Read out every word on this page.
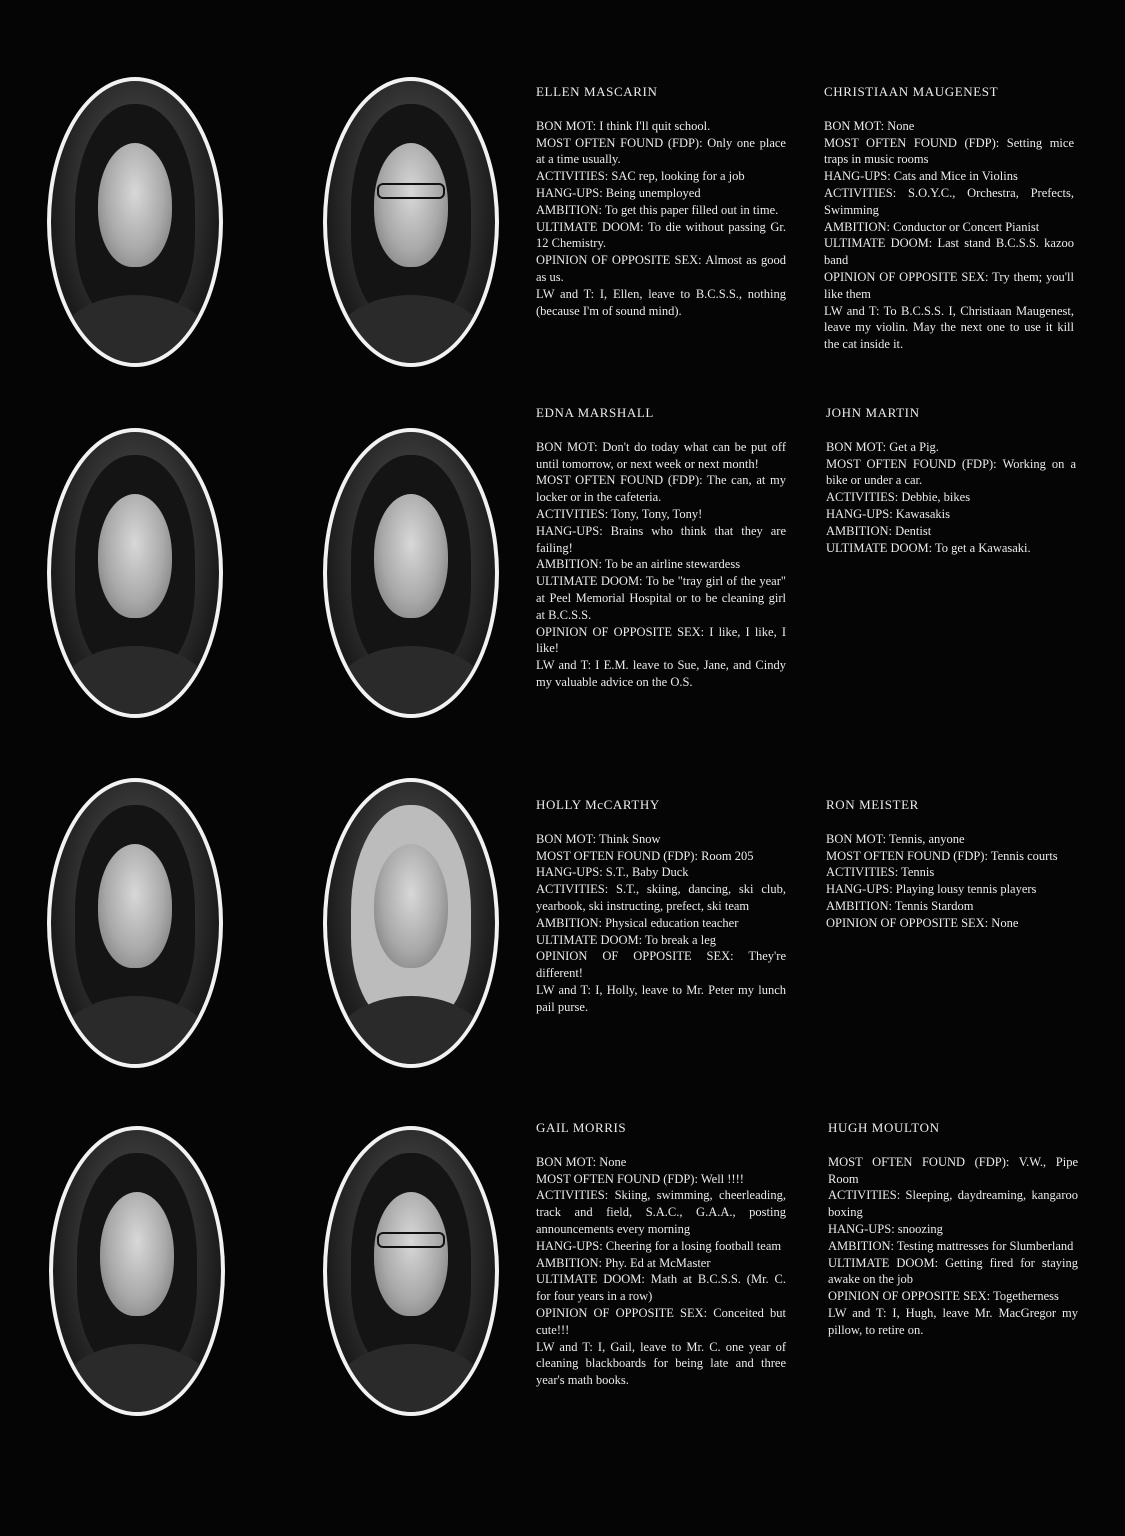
ELLEN MASCARIN

BON MOT: I think I'll quit school.

MOST OFTEN FOUND (FDP): Only one place at a time usually.

ACTIVITIES: SAC rep, looking for a job

HANG-UPS: Being unemployed

AMBITION: To get this paper filled out in time.

ULTIMATE DOOM: To die without passing Gr. 12 Chemistry.

OPINION OF OPPOSITE SEX: Almost as good as us.

LW and T: I, Ellen, leave to B.C.S.S., nothing (because I'm of sound mind).

CHRISTIAAN MAUGENEST

BON MOT: None

MOST OFTEN FOUND (FDP): Setting mice traps in music rooms

HANG-UPS: Cats and Mice in Violins

ACTIVITIES: S.O.Y.C., Orchestra, Prefects, Swimming

AMBITION: Conductor or Concert Pianist

ULTIMATE DOOM: Last stand B.C.S.S. kazoo band

OPINION OF OPPOSITE SEX: Try them; you'll like them

LW and T: To B.C.S.S. I, Christiaan Maugenest, leave my violin. May the next one to use it kill the cat inside it.

EDNA MARSHALL

BON MOT: Don't do today what can be put off until tomorrow, or next week or next month!

MOST OFTEN FOUND (FDP): The can, at my locker or in the cafeteria.

ACTIVITIES: Tony, Tony, Tony!

HANG-UPS: Brains who think that they are failing!

AMBITION: To be an airline stewardess

ULTIMATE DOOM: To be "tray girl of the year" at Peel Memorial Hospital or to be cleaning girl at B.C.S.S.

OPINION OF OPPOSITE SEX: I like, I like, I like!

LW and T: I E.M. leave to Sue, Jane, and Cindy my valuable advice on the O.S.

JOHN MARTIN

BON MOT: Get a Pig.

MOST OFTEN FOUND (FDP): Working on a bike or under a car.

ACTIVITIES: Debbie, bikes

HANG-UPS: Kawasakis

AMBITION: Dentist

ULTIMATE DOOM: To get a Kawasaki.

HOLLY McCARTHY

BON MOT: Think Snow

MOST OFTEN FOUND (FDP): Room 205

HANG-UPS: S.T., Baby Duck

ACTIVITIES: S.T., skiing, dancing, ski club, yearbook, ski instructing, prefect, ski team

AMBITION: Physical education teacher

ULTIMATE DOOM: To break a leg

OPINION OF OPPOSITE SEX: They're different!

LW and T: I, Holly, leave to Mr. Peter my lunch pail purse.

RON MEISTER

BON MOT: Tennis, anyone

MOST OFTEN FOUND (FDP): Tennis courts

ACTIVITIES: Tennis

HANG-UPS: Playing lousy tennis players

AMBITION: Tennis Stardom

OPINION OF OPPOSITE SEX: None

GAIL MORRIS

BON MOT: None

MOST OFTEN FOUND (FDP): Well !!!!

ACTIVITIES: Skiing, swimming, cheerleading, track and field, S.A.C., G.A.A., posting announcements every morning

HANG-UPS: Cheering for a losing football team

AMBITION: Phy. Ed at McMaster

ULTIMATE DOOM: Math at B.C.S.S. (Mr. C. for four years in a row)

OPINION OF OPPOSITE SEX: Conceited but cute!!!

LW and T: I, Gail, leave to Mr. C. one year of cleaning blackboards for being late and three year's math books.

HUGH MOULTON

MOST OFTEN FOUND (FDP): V.W., Pipe Room

ACTIVITIES: Sleeping, daydreaming, kangaroo boxing

HANG-UPS: snoozing

AMBITION: Testing mattresses for Slumberland

ULTIMATE DOOM: Getting fired for staying awake on the job

OPINION OF OPPOSITE SEX: Togetherness

LW and T: I, Hugh, leave Mr. MacGregor my pillow, to retire on.
